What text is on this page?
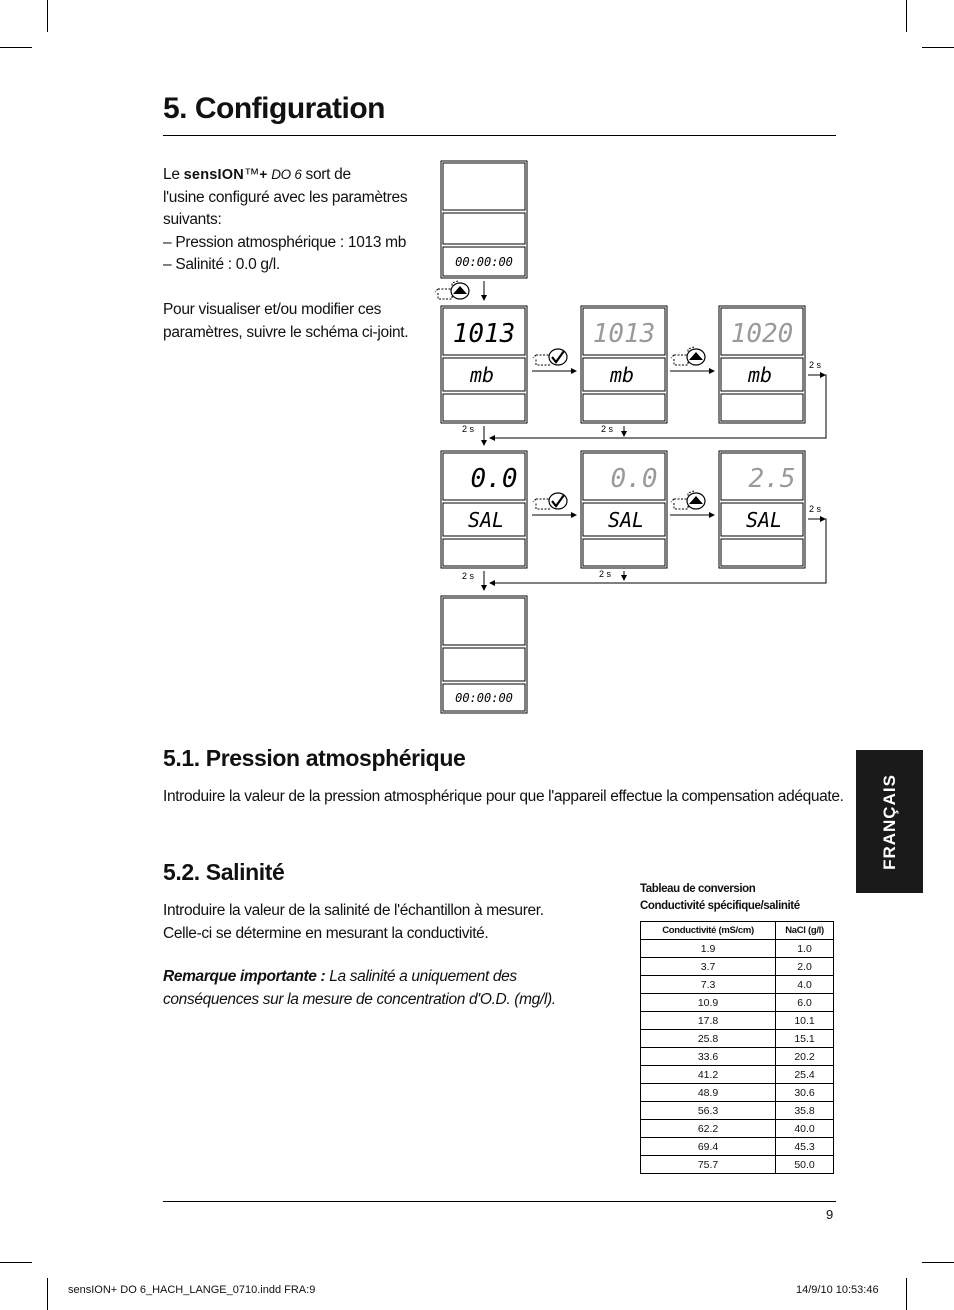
5. Configuration

Le sensION™+ DO 6 sort de

l'usine configuré avec les paramètres

suivants:

– Pression atmosphérique : 1013 mb

– Salinité : 0.0 g/l.

Pour visualiser et/ou modifier ces

paramètres, suivre le schéma ci-joint.

00:00:00
1013
mb
1013
mb
1020
mb	2 s
2 s	2 s
0.0
SAL
0.0
SAL
2.5
SAL	2 s
2 s	2 s
00:00:00
5.1. Pression atmosphérique

Introduire la valeur de la pression atmosphérique pour que l'appareil effectue la compensation adéquate.

5.2. Salinité

Introduire la valeur de la salinité de l'échantillon à mesurer.

Celle-ci se détermine en mesurant la conductivité.

Remarque importante : La salinité a uniquement des

conséquences sur la mesure de concentration d'O.D. (mg/l).

FRANÇAIS
Tableau de conversion
Conductivité spécifique/salinité
Conductivité (mS/cm)	NaCl (g/l)
1.9	1.0
3.7	2.0
7.3	4.0
10.9	6.0
17.8	10.1
25.8	15.1
33.6	20.2
41.2	25.4
48.9	30.6
56.3	35.8
62.2	40.0
69.4	45.3
75.7	50.0
9
sensION+ DO 6_HACH_LANGE_0710.indd FRA:9	14/9/10 10:53:46
